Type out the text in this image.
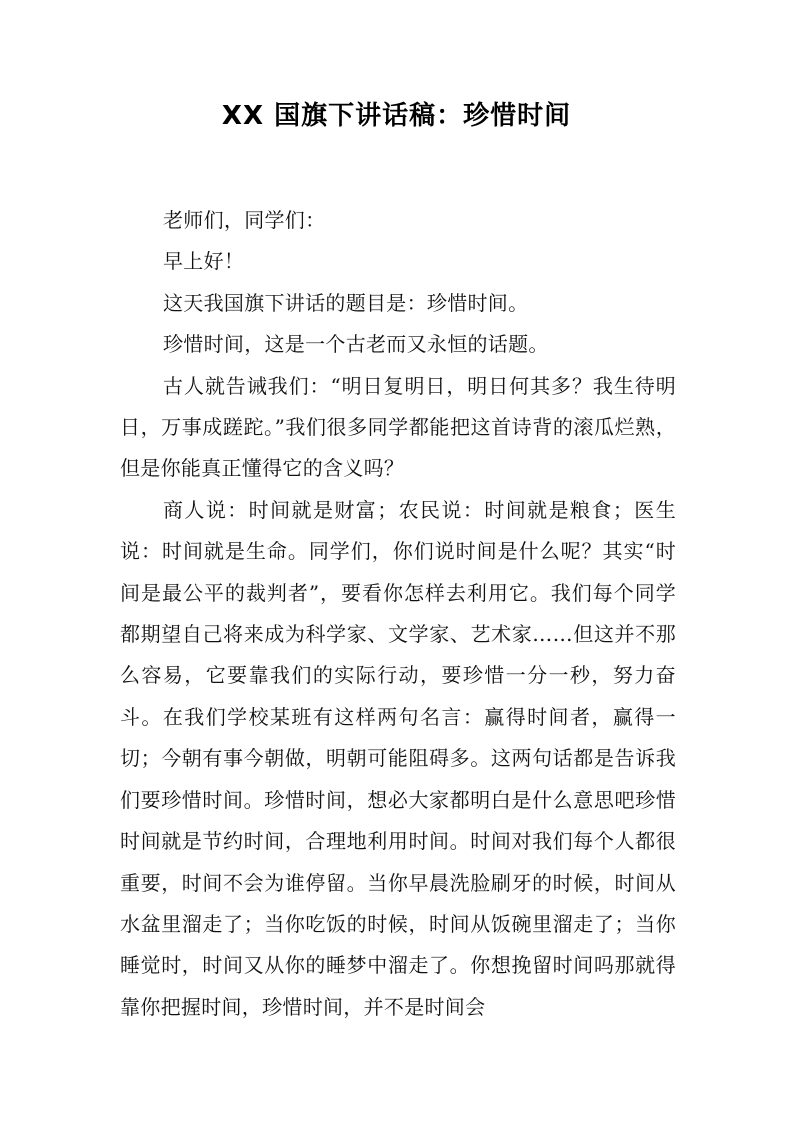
XX 国旗下讲话稿：珍惜时间

老师们，同学们：

早上好！

这天我国旗下讲话的题目是：珍惜时间。

珍惜时间，这是一个古老而又永恒的话题。

古人就告诫我们：“明日复明日，明日何其多？我生待明日，万事成蹉跎。”我们很多同学都能把这首诗背的滚瓜烂熟，但是你能真正懂得它的含义吗？

商人说：时间就是财富；农民说：时间就是粮食；医生说：时间就是生命。同学们，你们说时间是什么呢？其实“时间是最公平的裁判者”，要看你怎样去利用它。我们每个同学都期望自己将来成为科学家、文学家、艺术家……但这并不那么容易，它要靠我们的实际行动，要珍惜一分一秒，努力奋斗。在我们学校某班有这样两句名言：赢得时间者，赢得一切；今朝有事今朝做，明朝可能阻碍多。这两句话都是告诉我们要珍惜时间。珍惜时间，想必大家都明白是什么意思吧珍惜时间就是节约时间，合理地利用时间。时间对我们每个人都很重要，时间不会为谁停留。当你早晨洗脸刷牙的时候，时间从水盆里溜走了；当你吃饭的时候，时间从饭碗里溜走了；当你睡觉时，时间又从你的睡梦中溜走了。你想挽留时间吗那就得靠你把握时间，珍惜时间，并不是时间会
